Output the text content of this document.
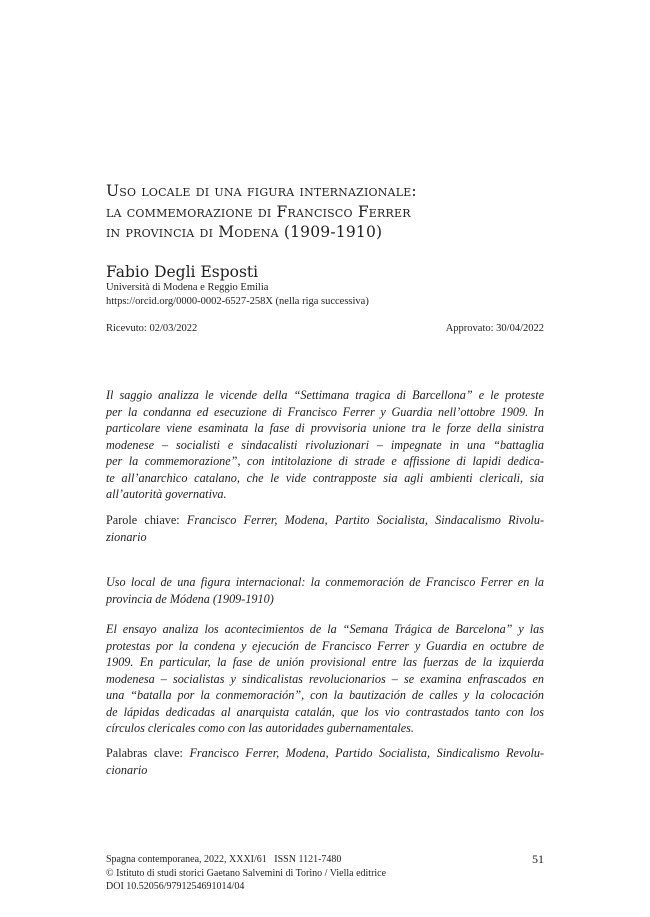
Uso locale di una figura internazionale:
la commemorazione di Francisco Ferrer
in provincia di Modena (1909-1910)
Fabio Degli Esposti
Università di Modena e Reggio Emilia
https://orcid.org/0000-0002-6527-258X (nella riga successiva)
Ricevuto: 02/03/2022	Approvato: 30/04/2022
Il saggio analizza le vicende della “Settimana tragica di Barcellona” e le proteste
per la condanna ed esecuzione di Francisco Ferrer y Guardia nell’ottobre 1909. In
particolare viene esaminata la fase di provvisoria unione tra le forze della sinistra
modenese – socialisti e sindacalisti rivoluzionari – impegnate in una “battaglia
per la commemorazione”, con intitolazione di strade e affissione di lapidi dedica-
te all’anarchico catalano, che le vide contrapposte sia agli ambienti clericali, sia
all’autorità governativa.
Parole chiave: Francisco Ferrer, Modena, Partito Socialista, Sindacalismo Rivolu-
zionario
Uso local de una figura internacional: la conmemoración de Francisco Ferrer en la
provincia de Módena (1909-1910)
El ensayo analiza los acontecimientos de la “Semana Trágica de Barcelona” y las
protestas por la condena y ejecución de Francisco Ferrer y Guardia en octubre de
1909. En particular, la fase de unión provisional entre las fuerzas de la izquierda
modenesa – socialistas y sindicalistas revolucionarios – se examina enfrascados en
una “batalla por la conmemoración”, con la bautización de calles y la colocación
de lápidas dedicadas al anarquista catalán, que los vio contrastados tanto con los
círculos clericales como con las autoridades gubernamentales.
Palabras clave: Francisco Ferrer, Modena, Partido Socialista, Sindicalismo Revolu-
cionario
Spagna contemporanea, 2022, XXXI/61   ISSN 1121-7480
© Istituto di studi storici Gaetano Salvemini di Torino / Viella editrice
DOI 10.52056/9791254691014/04
51
